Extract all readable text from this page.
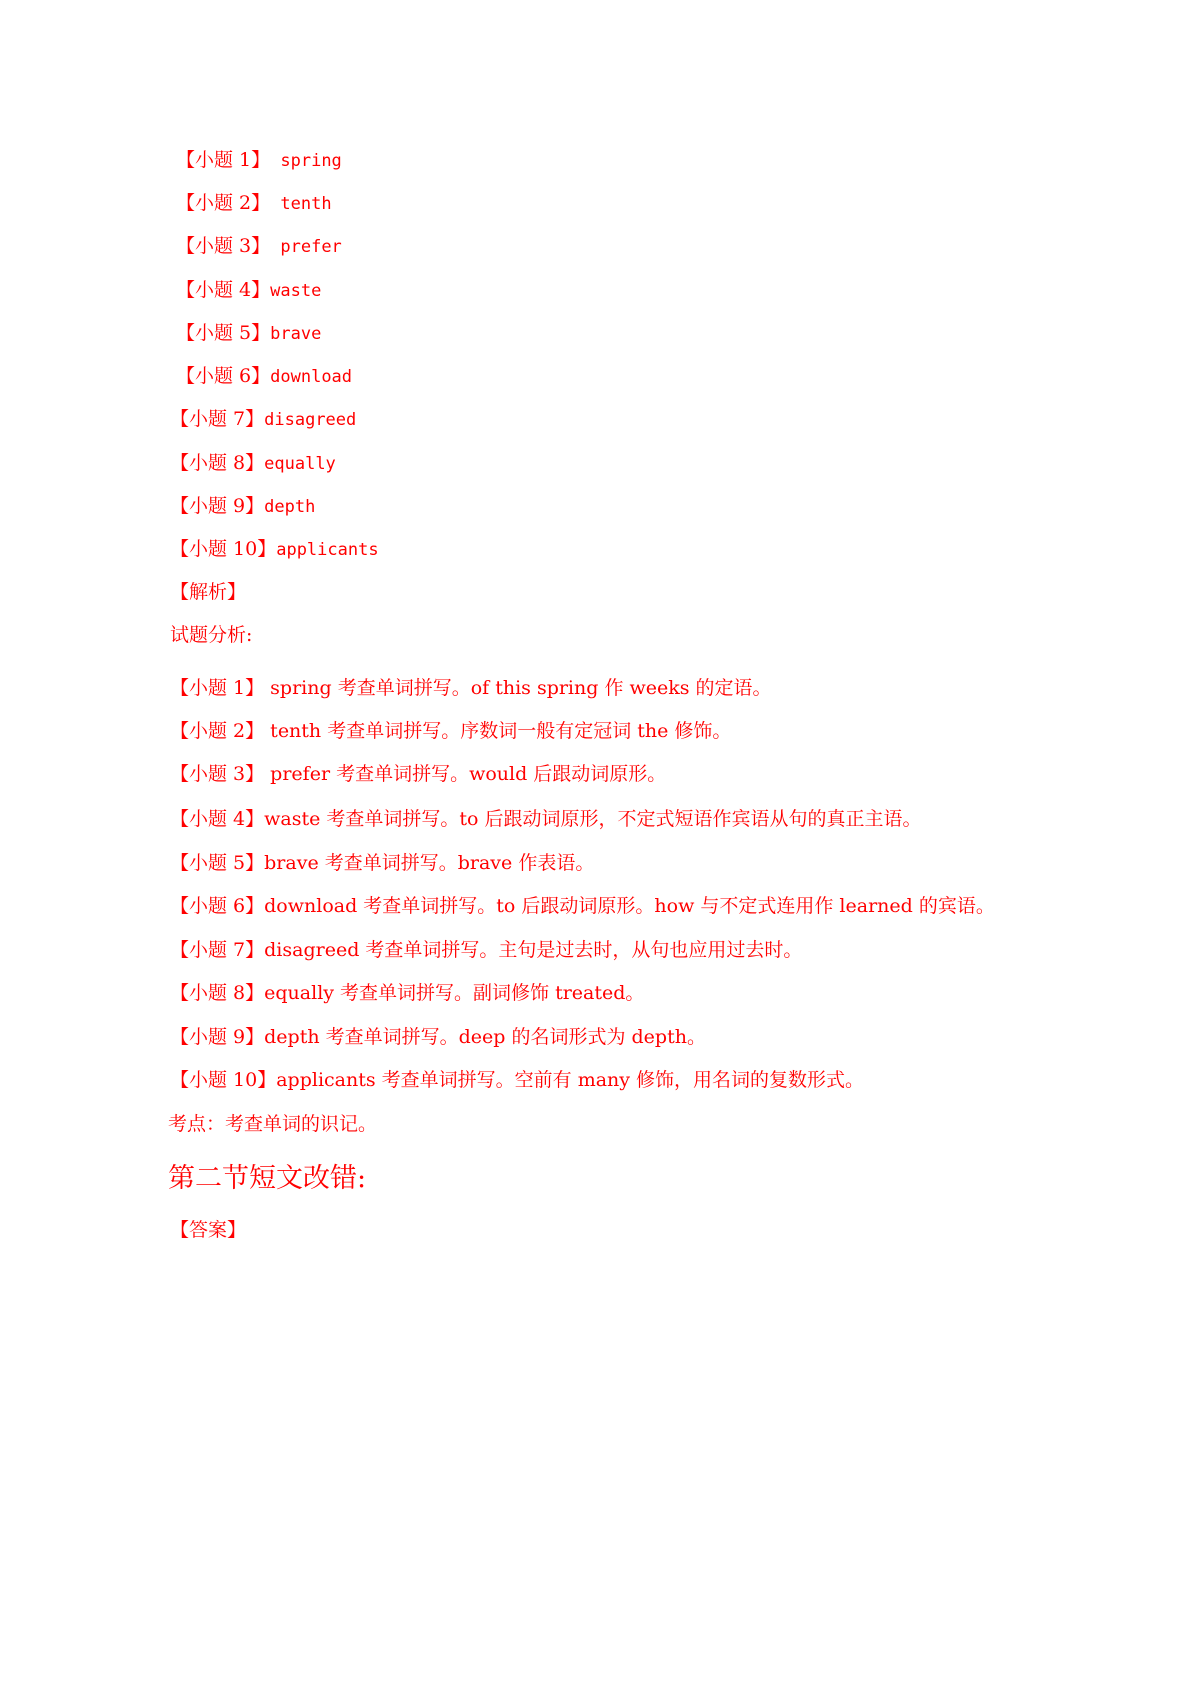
【小题 1】 spring
【小题 2】 tenth
【小题 3】 prefer
【小题 4】waste
【小题 5】brave
【小题 6】download
【小题 7】disagreed
【小题 8】equally
【小题 9】depth
【小题 10】applicants
【解析】
试题分析:
【小题 1】 spring 考查单词拼写。of this spring 作 weeks 的定语。
【小题 2】 tenth 考查单词拼写。序数词一般有定冠词 the 修饰。
【小题 3】 prefer 考查单词拼写。would 后跟动词原形。
【小题 4】waste 考查单词拼写。to 后跟动词原形，不定式短语作宾语从句的真正主语。
【小题 5】brave 考查单词拼写。brave 作表语。
【小题 6】download 考查单词拼写。to 后跟动词原形。how 与不定式连用作 learned 的宾语。
【小题 7】disagreed 考查单词拼写。主句是过去时，从句也应用过去时。
【小题 8】equally 考查单词拼写。副词修饰 treated。
【小题 9】depth 考查单词拼写。deep 的名词形式为 depth。
【小题 10】applicants 考查单词拼写。空前有 many 修饰，用名词的复数形式。
考点：考查单词的识记。
第二节短文改错:
【答案】
